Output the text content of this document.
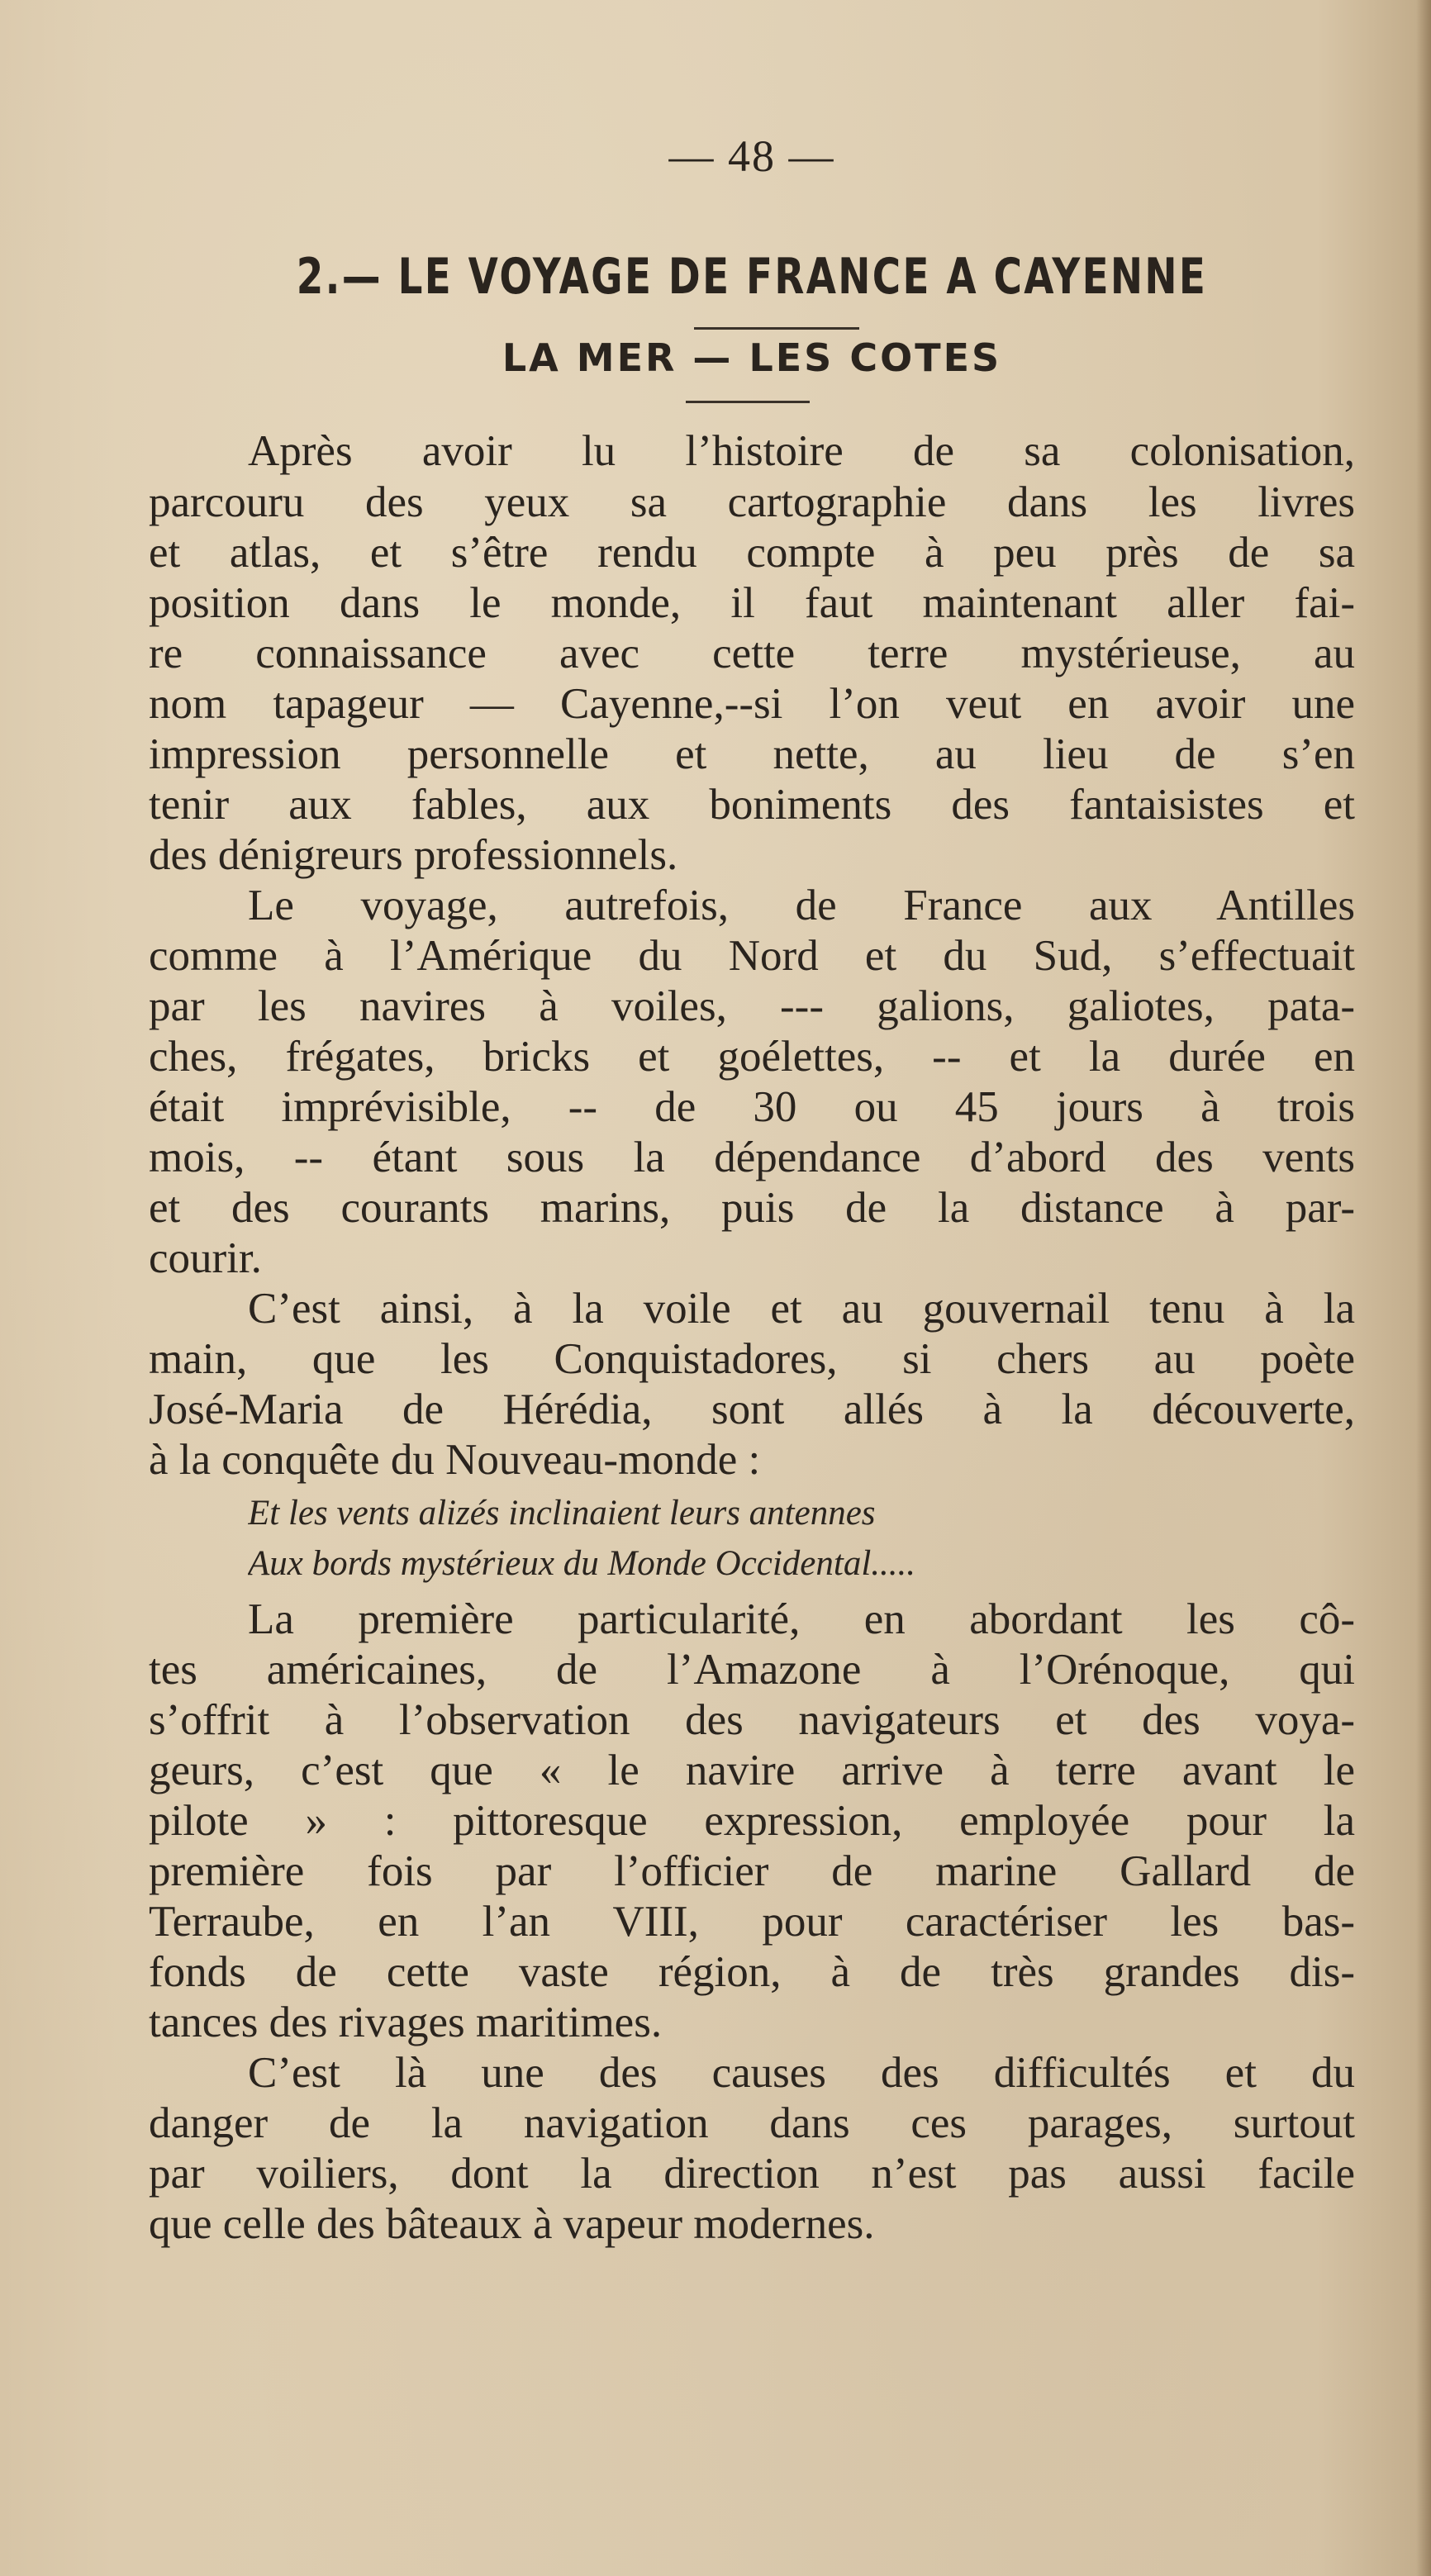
— 48 —
2.— LE VOYAGE DE FRANCE A CAYENNE
LA MER — LES COTES
Après avoir lu l’histoire de sa colonisation,
parcouru des yeux sa cartographie dans les livres
et atlas, et s’être rendu compte à peu près de sa
position dans le monde, il faut maintenant aller fai-
re connaissance avec cette terre mystérieuse, au
nom tapageur — Cayenne,--si l’on veut en avoir une
impression personnelle et nette, au lieu de s’en
tenir aux fables, aux boniments des fantaisistes et
des dénigreurs professionnels.
Le voyage, autrefois, de France aux Antilles
comme à l’Amérique du Nord et du Sud, s’effectuait
par les navires à voiles, --- galions, galiotes, pata-
ches, frégates, bricks et goélettes, -- et la durée en
était imprévisible, -- de 30 ou 45 jours à trois
mois, -- étant sous la dépendance d’abord des vents
et des courants marins, puis de la distance à par-
courir.
C’est ainsi, à la voile et au gouvernail tenu à la
main, que les Conquistadores, si chers au poète
José-Maria de Hérédia, sont allés à la découverte,
à la conquête du Nouveau-monde :
Et les vents alizés inclinaient leurs antennes
Aux bords mystérieux du Monde Occidental.....
La première particularité, en abordant les cô-
tes américaines, de l’Amazone à l’Orénoque, qui
s’offrit à l’observation des navigateurs et des voya-
geurs, c’est que « le navire arrive à terre avant le
pilote » : pittoresque expression, employée pour la
première fois par l’officier de marine Gallard de
Terraube, en l’an VIII, pour caractériser les bas-
fonds de cette vaste région, à de très grandes dis-
tances des rivages maritimes.
C’est là une des causes des difficultés et du
danger de la navigation dans ces parages, surtout
par voiliers, dont la direction n’est pas aussi facile
que celle des bâteaux à vapeur modernes.
